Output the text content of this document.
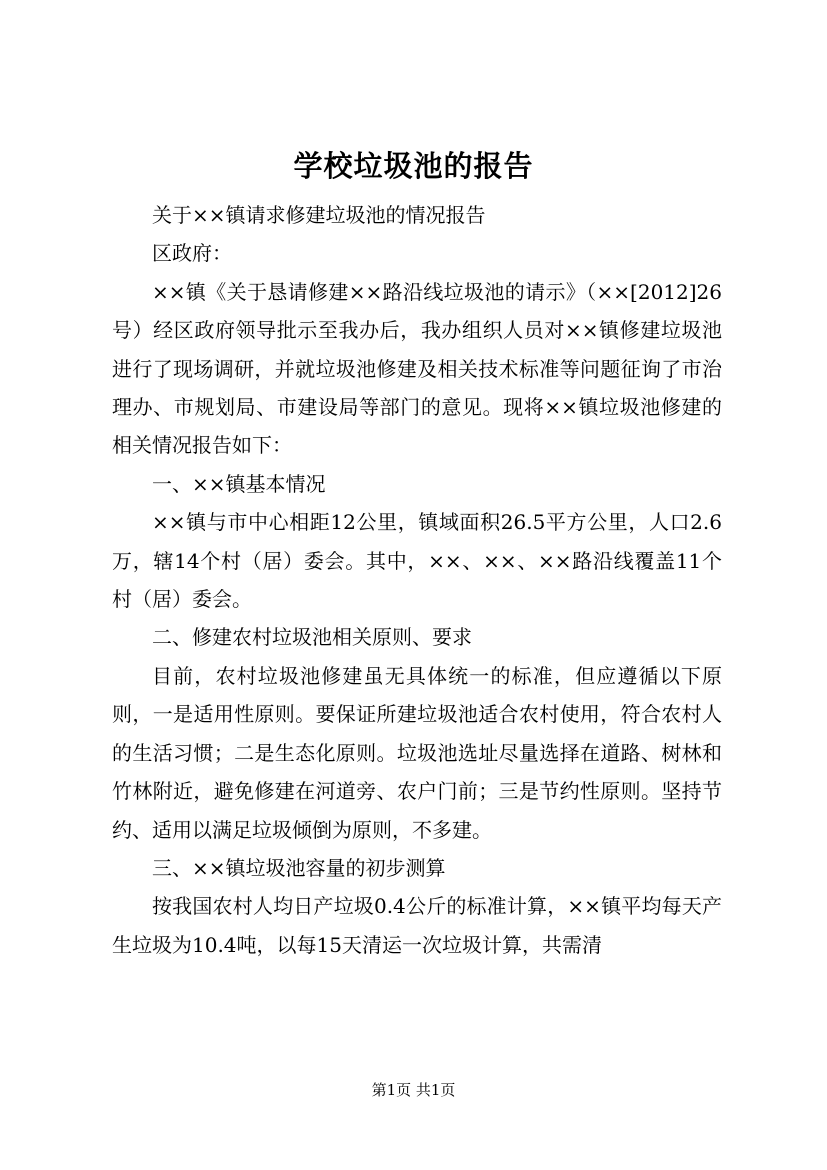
学校垃圾池的报告

关于××镇请求修建垃圾池的情况报告

区政府：

××镇《关于恳请修建××路沿线垃圾池的请示》（××[2012]26号）经区政府领导批示至我办后，我办组织人员对××镇修建垃圾池进行了现场调研，并就垃圾池修建及相关技术标准等问题征询了市治理办、市规划局、市建设局等部门的意见。现将××镇垃圾池修建的相关情况报告如下：

一、××镇基本情况

××镇与市中心相距12公里，镇域面积26.5平方公里，人口2.6万，辖14个村（居）委会。其中，××、××、××路沿线覆盖11个村（居）委会。

二、修建农村垃圾池相关原则、要求

目前，农村垃圾池修建虽无具体统一的标准，但应遵循以下原则，一是适用性原则。要保证所建垃圾池适合农村使用，符合农村人的生活习惯；二是生态化原则。垃圾池选址尽量选择在道路、树林和竹林附近，避免修建在河道旁、农户门前；三是节约性原则。坚持节约、适用以满足垃圾倾倒为原则，不多建。

三、××镇垃圾池容量的初步测算

按我国农村人均日产垃圾0.4公斤的标准计算，××镇平均每天产生垃圾为10.4吨，以每15天清运一次垃圾计算，共需清

第1页 共1页
